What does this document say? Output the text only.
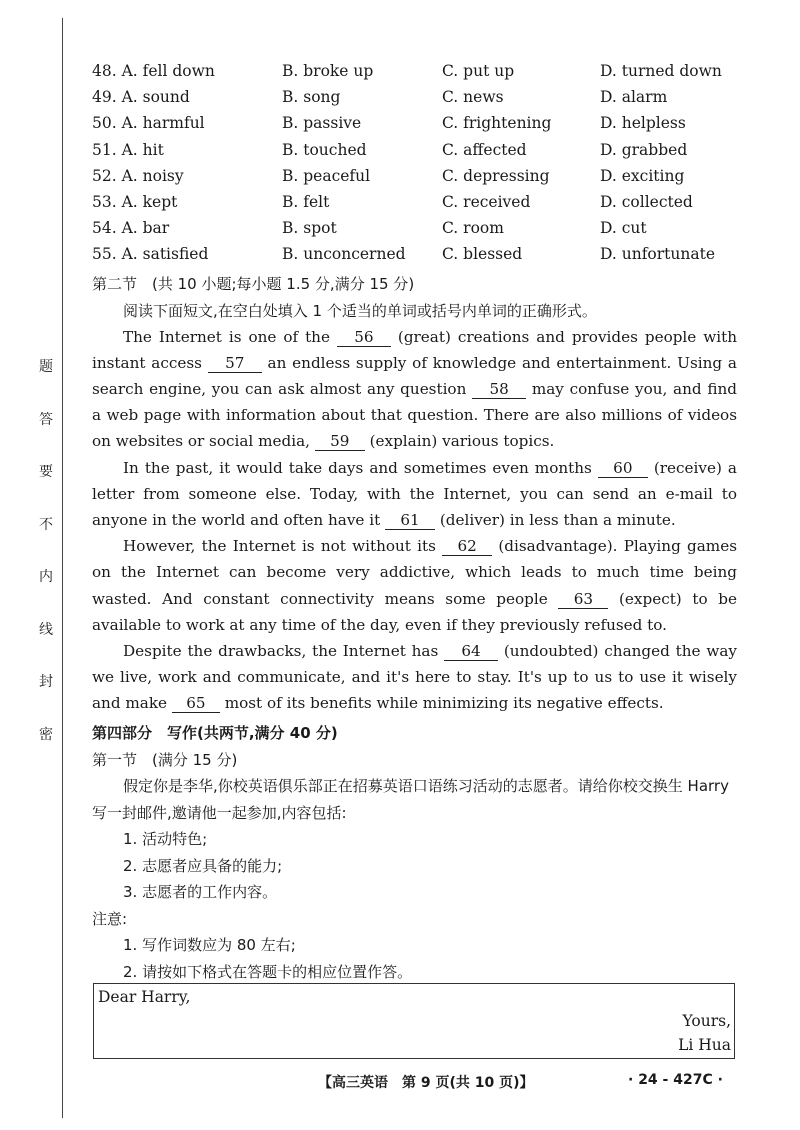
题
答
要
不
内
线
封
密
48. A. fell down	B. broke up	C. put up	D. turned down
49. A. sound	B. song	C. news	D. alarm
50. A. harmful	B. passive	C. frightening	D. helpless
51. A. hit	B. touched	C. affected	D. grabbed
52. A. noisy	B. peaceful	C. depressing	D. exciting
53. A. kept	B. felt	C. received	D. collected
54. A. bar	B. spot	C. room	D. cut
55. A. satisfied	B. unconcerned	C. blessed	D. unfortunate
第二节　(共 10 小题;每小题 1.5 分,满分 15 分)
阅读下面短文,在空白处填入 1 个适当的单词或括号内单词的正确形式。

The Internet is one of the 56 (great) creations and provides people with instant access 57 an endless supply of knowledge and entertainment. Using a search engine, you can ask almost any question 58 may confuse you, and find a web page with information about that question. There are also millions of videos on websites or social media, 59 (explain) various topics.

In the past, it would take days and sometimes even months 60 (receive) a letter from someone else. Today, with the Internet, you can send an e-mail to anyone in the world and often have it 61 (deliver) in less than a minute.

However, the Internet is not without its 62 (disadvantage). Playing games on the Internet can become very addictive, which leads to much time being wasted. And constant connectivity means some people 63 (expect) to be available to work at any time of the day, even if they previously refused to.

Despite the drawbacks, the Internet has 64 (undoubted) changed the way we live, work and communicate, and it's here to stay. It's up to us to use it wisely and make 65 most of its benefits while minimizing its negative effects.

第四部分　写作(共两节,满分 40 分)
第一节　(满分 15 分)
假定你是李华,你校英语俱乐部正在招募英语口语练习活动的志愿者。请给你校交换生 Harry 写一封邮件,邀请他一起参加,内容包括:
1. 活动特色;
2. 志愿者应具备的能力;
3. 志愿者的工作内容。
注意:
1. 写作词数应为 80 左右;
2. 请按如下格式在答题卡的相应位置作答。
Dear Harry,
Yours,
Li Hua
【高三英语　第 9 页(共 10 页)】	· 24 - 427C ·
